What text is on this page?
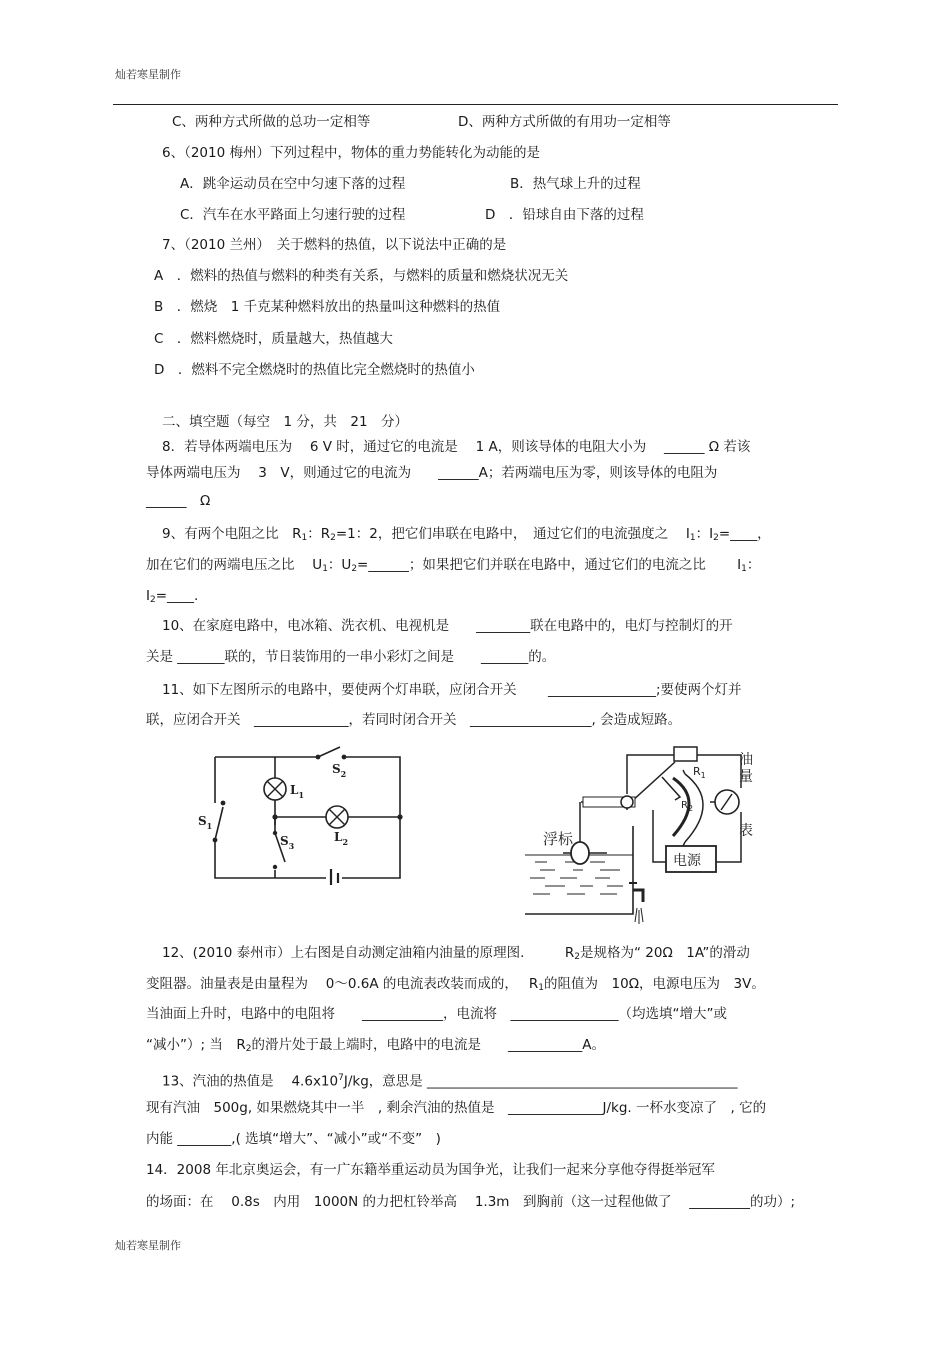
灿若寒星制作
C、两种方式所做的总功一定相等	D、两种方式所做的有用功一定相等
6、（2010 梅州）下列过程中，物体的重力势能转化为动能的是
A．跳伞运动员在空中匀速下落的过程	B．热气球上升的过程
C．汽车在水平路面上匀速行驶的过程	D　．铅球自由下落的过程
7、（2010 兰州）　关于燃料的热值，以下说法中正确的是
A　．燃料的热值与燃料的种类有关系，与燃料的质量和燃烧状况无关
B　．燃烧　1 千克某种燃料放出的热量叫这种燃料的热值
C　．燃料燃烧时，质量越大，热值越大
D　．燃料不完全燃烧时的热值比完全燃烧时的热值小
二、填空题（每空　1 分，共　21　分）
8．若导体两端电压为　 6 V 时，通过它的电流是　 1 A，则该导体的电阻大小为　 ______ Ω 若该
导体两端电压为　 3　V，则通过它的电流为　　______A；若两端电压为零，则该导体的电阻为
______　Ω
9、有两个电阻之比　$R_1$：$R_2=1$：2，把它们串联在电路中，　通过它们的电流强度之　 $I_1$：$I_2=\_\_\_\_$，
加在它们的两端电压之比　 $U_1$：$U_2=\_\_\_\_\_\_$；如果把它们并联在电路中，通过它们的电流之比　　 $I_1$：
$I_2=\_\_\_\_$.
10、在家庭电路中，电冰箱、洗衣机、电视机是　　________联在电路中的，电灯与控制灯的开
关是 _______联的，节日装饰用的一串小彩灯之间是　　_______的。
11、如下左图所示的电路中，要使两个灯串联，应闭合开关　　 ________________;要使两个灯并
联，应闭合开关　______________，若同时闭合开关　__________________, 会造成短路。
$S_1$
$S_2$
$S_3$
$L_1$
$L_2$
$R_1$
$R_2$
浮标
电源
油
量
表
12、(2010 泰州市）上右图是自动测定油箱内油量的原理图.　　　$R_2$是规格为“ 20Ω　1A”的滑动
变阻器。油量表是由量程为　 0～0.6A 的电流表改装而成的，　 $R_1$的阻值为　10Ω，电源电压为　3V。
当油面上升时，电路中的电阻将　　____________，电流将　________________（均选填“增大”或
“减小”）; 当　$R_2$的滑片处于最上端时，电路中的电流是　　___________A。
13、汽油的热值是　 $4.6x10^7J/kg$，意思是 ______________________________________________
现有汽油　500g, 如果燃烧其中一半　, 剩余汽油的热值是　______________J/kg. 一杯水变凉了　, 它的
内能 ________,( 选填“增大”、“减小”或“不变”　)
14．2008 年北京奥运会，有一广东籍举重运动员为国争光，让我们一起来分享他夺得挺举冠军
的场面：在　 0.8s　内用　1000N 的力把杠铃举高　 1.3m　到胸前（这一过程他做了　 _________的功）;
灿若寒星制作
